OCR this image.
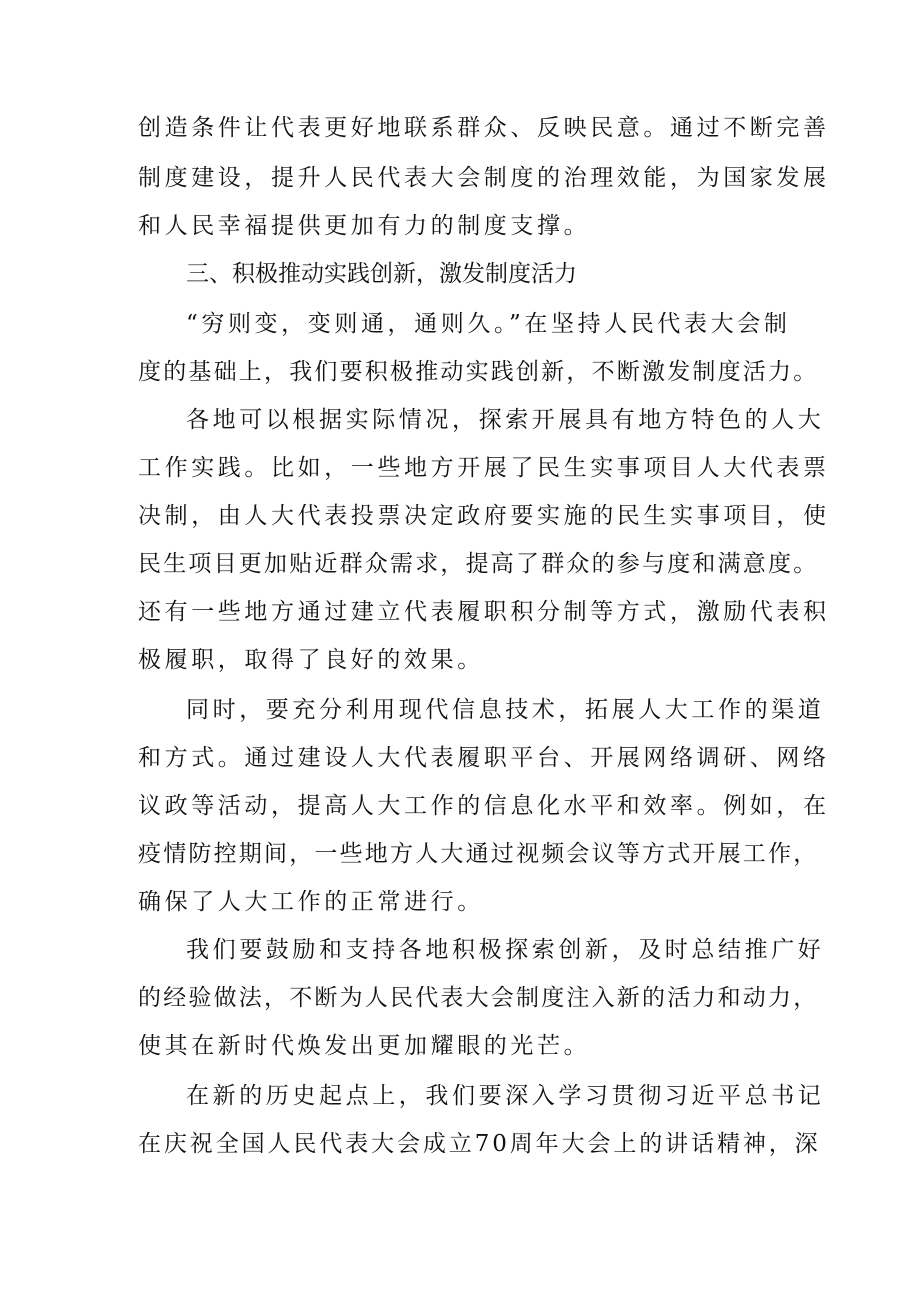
创造条件让代表更好地联系群众、反映民意。通过不断完善
制度建设，提升人民代表大会制度的治理效能，为国家发展
和人民幸福提供更加有力的制度支撑。
三、积极推动实践创新，激发制度活力
“穷则变，变则通，通则久。”在坚持人民代表大会制
度的基础上，我们要积极推动实践创新，不断激发制度活力。
各地可以根据实际情况，探索开展具有地方特色的人大
工作实践。比如，一些地方开展了民生实事项目人大代表票
决制，由人大代表投票决定政府要实施的民生实事项目，使
民生项目更加贴近群众需求，提高了群众的参与度和满意度。
还有一些地方通过建立代表履职积分制等方式，激励代表积
极履职，取得了良好的效果。
同时，要充分利用现代信息技术，拓展人大工作的渠道
和方式。通过建设人大代表履职平台、开展网络调研、网络
议政等活动，提高人大工作的信息化水平和效率。例如，在
疫情防控期间，一些地方人大通过视频会议等方式开展工作，
确保了人大工作的正常进行。
我们要鼓励和支持各地积极探索创新，及时总结推广好
的经验做法，不断为人民代表大会制度注入新的活力和动力，
使其在新时代焕发出更加耀眼的光芒。
在新的历史起点上，我们要深入学习贯彻习近平总书记
在庆祝全国人民代表大会成立70周年大会上的讲话精神，深
